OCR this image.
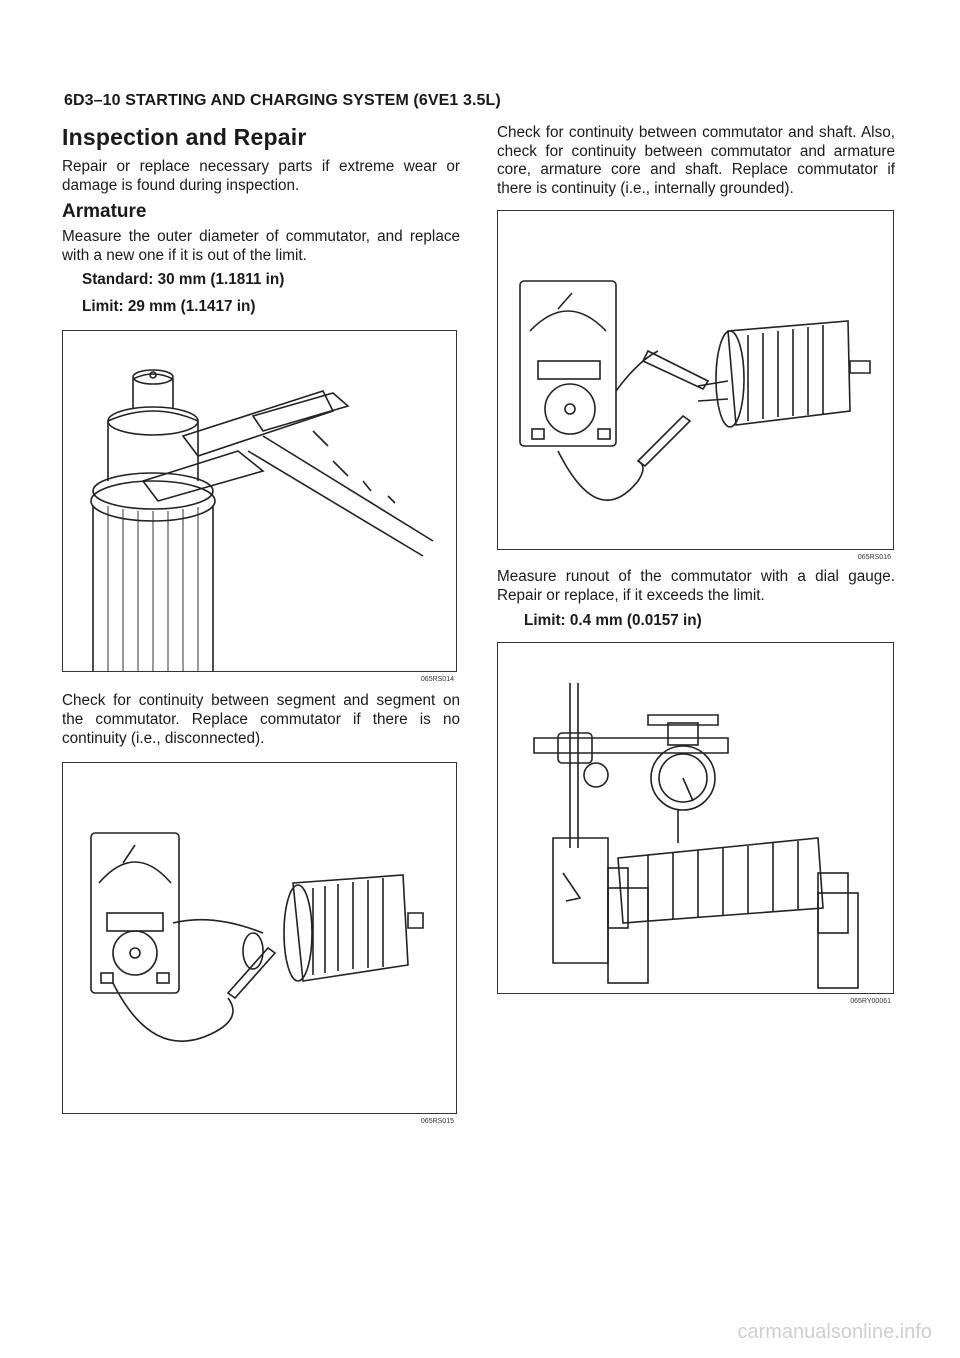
6D3–10 STARTING AND CHARGING SYSTEM (6VE1 3.5L)
Inspection and Repair

Repair or replace necessary parts if extreme wear or damage is found during inspection.

Armature

Measure the outer diameter of commutator, and replace with a new one if it is out of the limit.

Standard: 30 mm (1.1811 in)
Limit: 29 mm (1.1417 in)
065RS014

Check for continuity between segment and segment on the commutator. Replace commutator if there is no continuity (i.e., disconnected).

065RS015

Check for continuity between commutator and shaft. Also, check for continuity between commutator and armature core, armature core and shaft. Replace commutator if there is continuity (i.e., internally grounded).

065RS016

Measure runout of the commutator with a dial gauge. Repair or replace, if it exceeds the limit.

Limit: 0.4 mm (0.0157 in)
065RY00061
carmanualsonline.info
